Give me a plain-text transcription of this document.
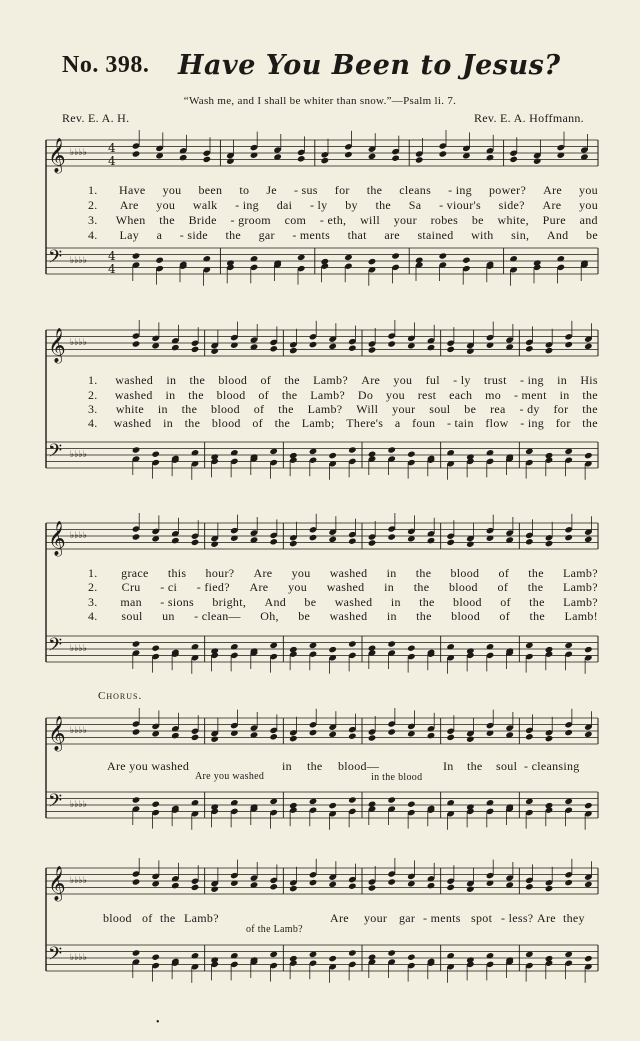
No. 398. Have You Been to Jesus?
“Wash me, and I shall be whiter than snow.”—Psalm li. 7.
Rev. E. A. H.	Rev. E. A. Hoffmann.
𝄞 ♭♭♭♭
𝄢 ♭♭♭♭
4
4
4
4
𝄞 ♭♭♭♭
𝄢 ♭♭♭♭
𝄞 ♭♭♭♭
𝄢 ♭♭♭♭
𝄞 ♭♭♭♭
𝄢 ♭♭♭♭
𝄞 ♭♭♭♭
𝄢 ♭♭♭♭
1.	Have you been to Je - sus for the cleans - ing power? Are you
2.	Are you walk - ing dai - ly by the Sa - viour's side? Are you
3.	When the Bride - groom com - eth, will your robes be white, Pure and
4.	Lay a - side the gar - ments that are stained with sin, And be
1.	washed in the blood of the Lamb? Are you ful - ly trust - ing in His
2.	washed in the blood of the Lamb? Do you rest each mo - ment in the
3.	white in the blood of the Lamb? Will your soul be rea - dy for the
4.	washed in the blood of the Lamb; There's a foun - tain flow - ing for the
1.	grace this hour? Are you washed in the blood of the Lamb?
2.	Cru - ci - fied? Are you washed in the blood of the Lamb?
3.	man - sions bright, And be washed in the blood of the Lamb?
4.	soul un - clean— Oh, be washed in the blood of the Lamb!
Chorus.
Are you washed	in the blood—	In the soul - cleansing
Are you washed	in the blood
blood of the Lamb?	Are your gar - ments spot - less? Are they
of the Lamb?
•
